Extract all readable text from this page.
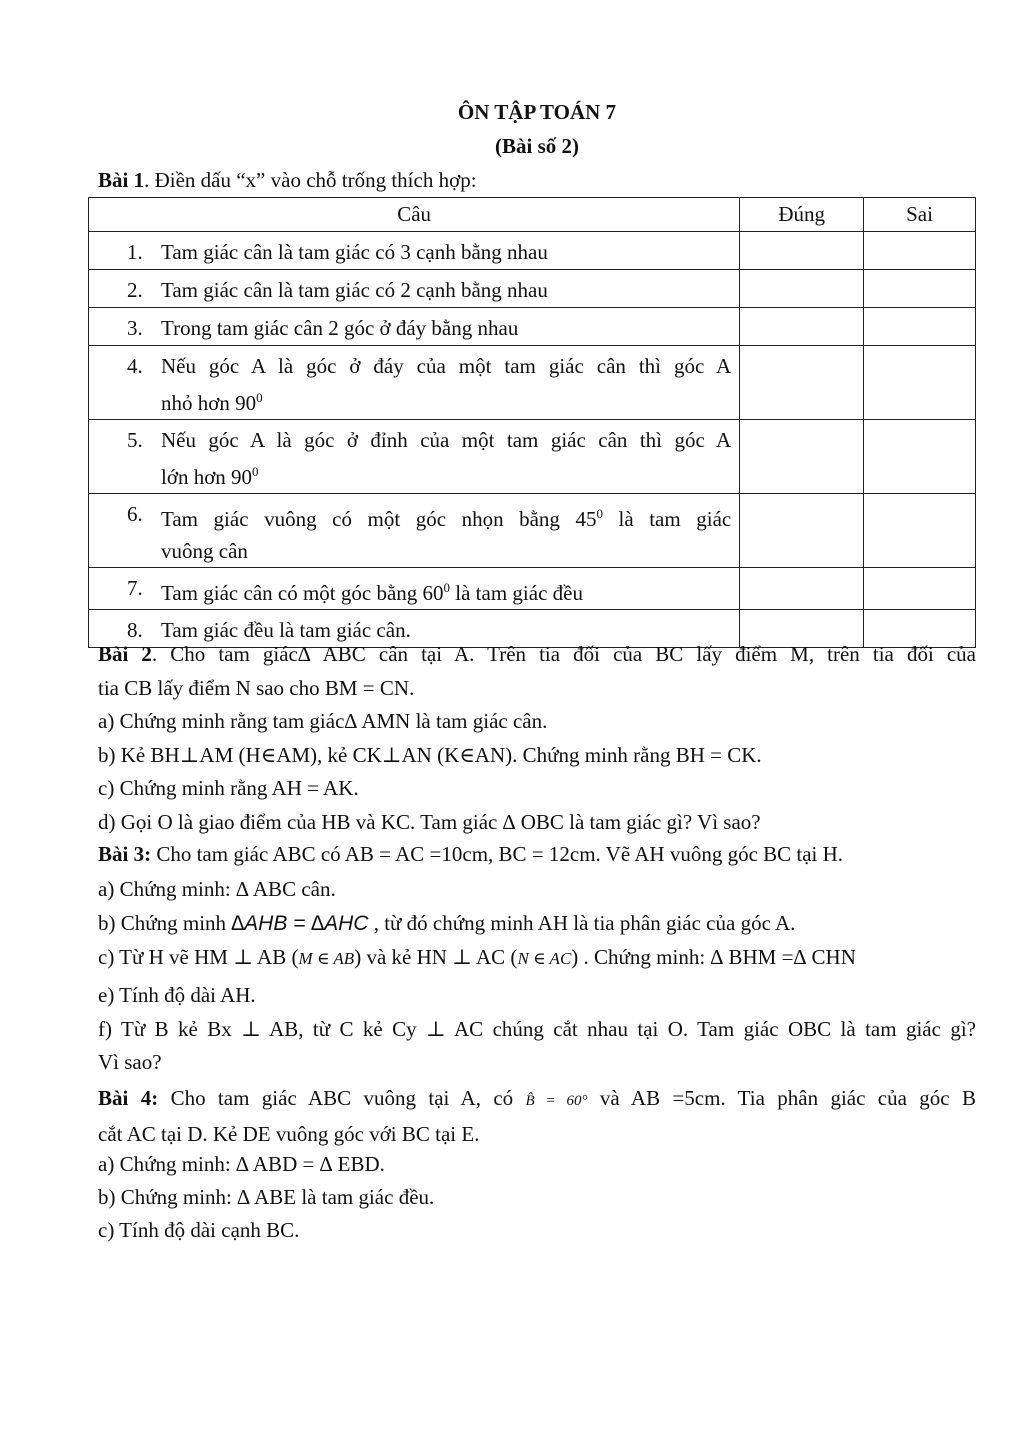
ÔN TẬP TOÁN 7
(Bài số 2)
Bài 1. Điền dấu “x” vào chỗ trống thích hợp:
Câu	Đúng	Sai

1. Tam giác cân là tam giác có 3 cạnh bằng nhau		

2. Tam giác cân là tam giác có 2 cạnh bằng nhau		

3. Trong tam giác cân 2 góc ở đáy bằng nhau		

4. Nếu góc A là góc ở đáy của một tam giác cân thì góc A
nhỏ hơn $90^0$

5. Nếu góc A là góc ở đỉnh của một tam giác cân thì góc A
lớn hơn $90^0$

6. Tam giác vuông có một góc nhọn bằng $45^0$ là tam giác
vuông cân		

7. Tam giác cân có một góc bằng $60^0$ là tam giác đều		

8. Tam giác đều là tam giác cân.		

Bài 2. Cho tam giác∆ ABC cân tại A. Trên tia đối của BC lấy điểm M, trên tia đối của
tia CB lấy điểm N sao cho BM = CN.
a) Chứng minh rằng tam giác∆ AMN là tam giác cân.
b) Kẻ BH⊥AM (H∈AM), kẻ CK⊥AN (K∈AN). Chứng minh rằng BH = CK.
c) Chứng minh rằng AH = AK.
d) Gọi O là giao điểm của HB và KC. Tam giác ∆ OBC là tam giác gì? Vì sao?
Bài 3: Cho tam giác ABC có AB = AC =10cm, BC = 12cm. Vẽ AH vuông góc BC tại H.
a) Chứng minh: ∆ ABC cân.
b) Chứng minh ∆AHB = ∆AHC , từ đó chứng minh AH là tia phân giác của góc A.
c) Từ H vẽ HM ⊥ AB (M ∈ AB) và kẻ HN ⊥ AC (N ∈ AC) . Chứng minh: ∆ BHM =∆ CHN
e) Tính độ dài AH.
f) Từ B kẻ Bx ⊥ AB, từ C kẻ Cy ⊥ AC chúng cắt nhau tại O. Tam giác OBC là tam giác gì?
Vì sao?
Bài 4: Cho tam giác ABC vuông tại A, có B̂ = 60° và AB =5cm. Tia phân giác của góc B
cắt AC tại D. Kẻ DE vuông góc với BC tại E.
a) Chứng minh: ∆ ABD = ∆ EBD.
b) Chứng minh: ∆ ABE là tam giác đều.
c) Tính độ dài cạnh BC.
